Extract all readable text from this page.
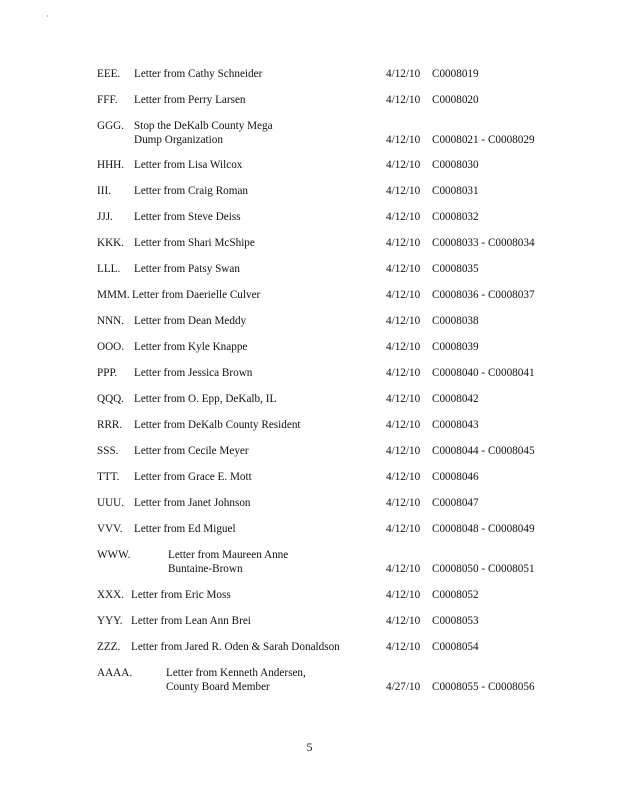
·
EEE. Letter from Cathy Schneider	4/12/10 C0008019
FFF. Letter from Perry Larsen	4/12/10 C0008020
GGG. Stop the DeKalb County Mega
Dump Organization	4/12/10 C0008021 - C0008029
HHH. Letter from Lisa Wilcox	4/12/10 C0008030
III. Letter from Craig Roman	4/12/10 C0008031
JJJ. Letter from Steve Deiss	4/12/10 C0008032
KKK. Letter from Shari McShipe	4/12/10 C0008033 - C0008034
LLL. Letter from Patsy Swan	4/12/10 C0008035
MMM. Letter from Daerielle Culver	4/12/10 C0008036 - C0008037
NNN. Letter from Dean Meddy	4/12/10 C0008038
OOO. Letter from Kyle Knappe	4/12/10 C0008039
PPP. Letter from Jessica Brown	4/12/10 C0008040 - C0008041
QQQ. Letter from O. Epp, DeKalb, IL	4/12/10 C0008042
RRR. Letter from DeKalb County Resident	4/12/10 C0008043
SSS. Letter from Cecile Meyer	4/12/10 C0008044 - C0008045
TTT. Letter from Grace E. Mott	4/12/10 C0008046
UUU. Letter from Janet Johnson	4/12/10 C0008047
VVV. Letter from Ed Miguel	4/12/10 C0008048 - C0008049
WWW.	Letter from Maureen Anne
Buntaine-Brown	4/12/10 C0008050 - C0008051
XXX. Letter from Eric Moss	4/12/10 C0008052
YYY. Letter from Lean Ann Brei	4/12/10 C0008053
ZZZ. Letter from Jared R. Oden & Sarah Donaldson	4/12/10 C0008054
AAAA.	Letter from Kenneth Andersen,
County Board Member	4/27/10 C0008055 - C0008056
5
